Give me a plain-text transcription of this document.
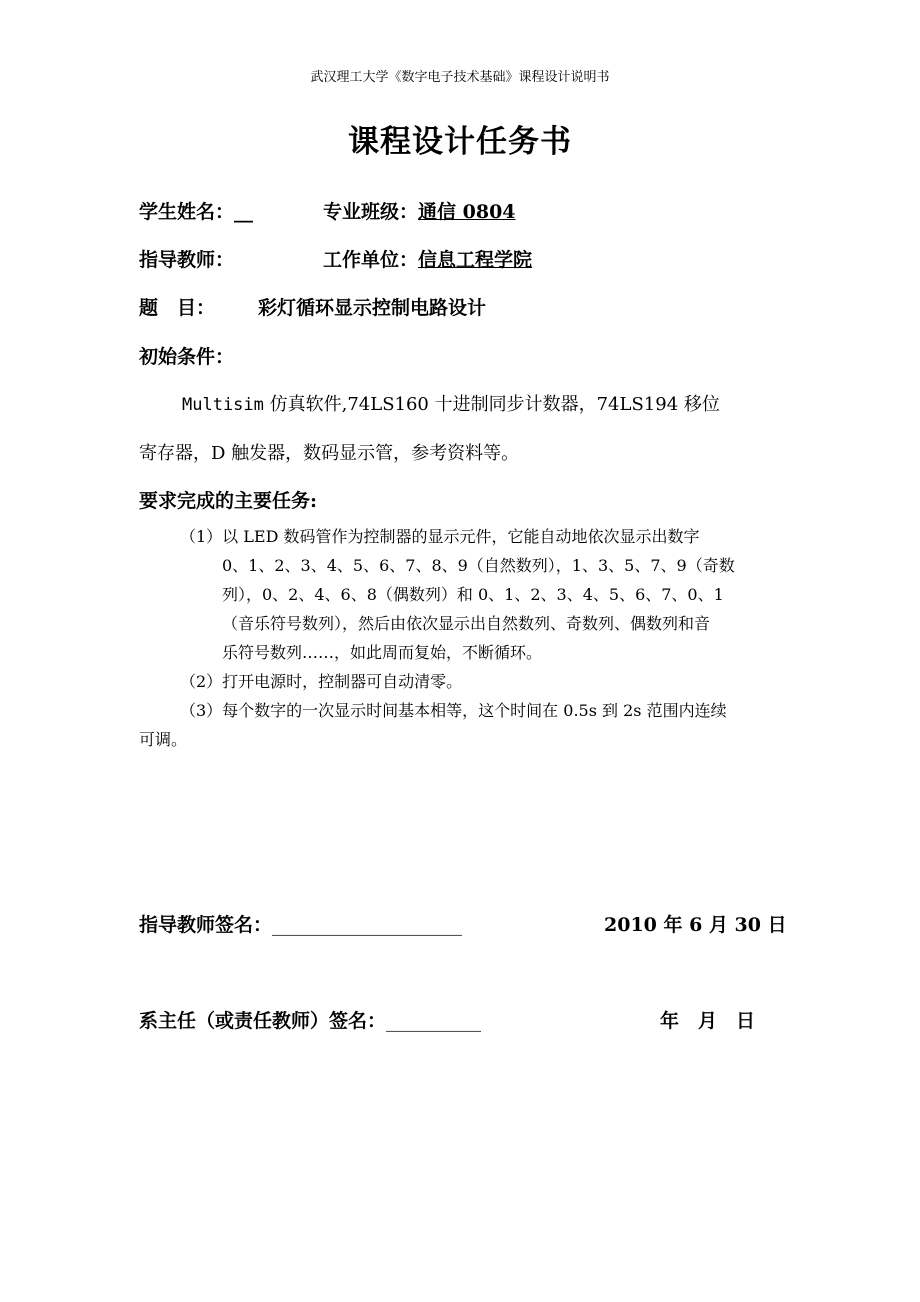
武汉理工大学《数字电子技术基础》课程设计说明书
课程设计任务书
学生姓名：__	专业班级：通信 0804
指导教师：	工作单位：信息工程学院
题　目： 彩灯循环显示控制电路设计
初始条件：
Multisim 仿真软件,74LS160 十进制同步计数器，74LS194 移位
寄存器，D 触发器，数码显示管，参考资料等。
要求完成的主要任务:
（1）以 LED 数码管作为控制器的显示元件，它能自动地依次显示出数字
0、1、2、3、4、5、6、7、8、9（自然数列），1、3、5、7、9（奇数
列），0、2、4、6、8（偶数列）和 0、1、2、3、4、5、6、7、0、1
（音乐符号数列），然后由依次显示出自然数列、奇数列、偶数列和音
乐符号数列……，如此周而复始，不断循环。
（2）打开电源时，控制器可自动清零。
（3）每个数字的一次显示时间基本相等，这个时间在 0.5s 到 2s 范围内连续
可调。
指导教师签名：____________________	2010 年 6 月 30 日
系主任（或责任教师）签名：__________	年　月　日
